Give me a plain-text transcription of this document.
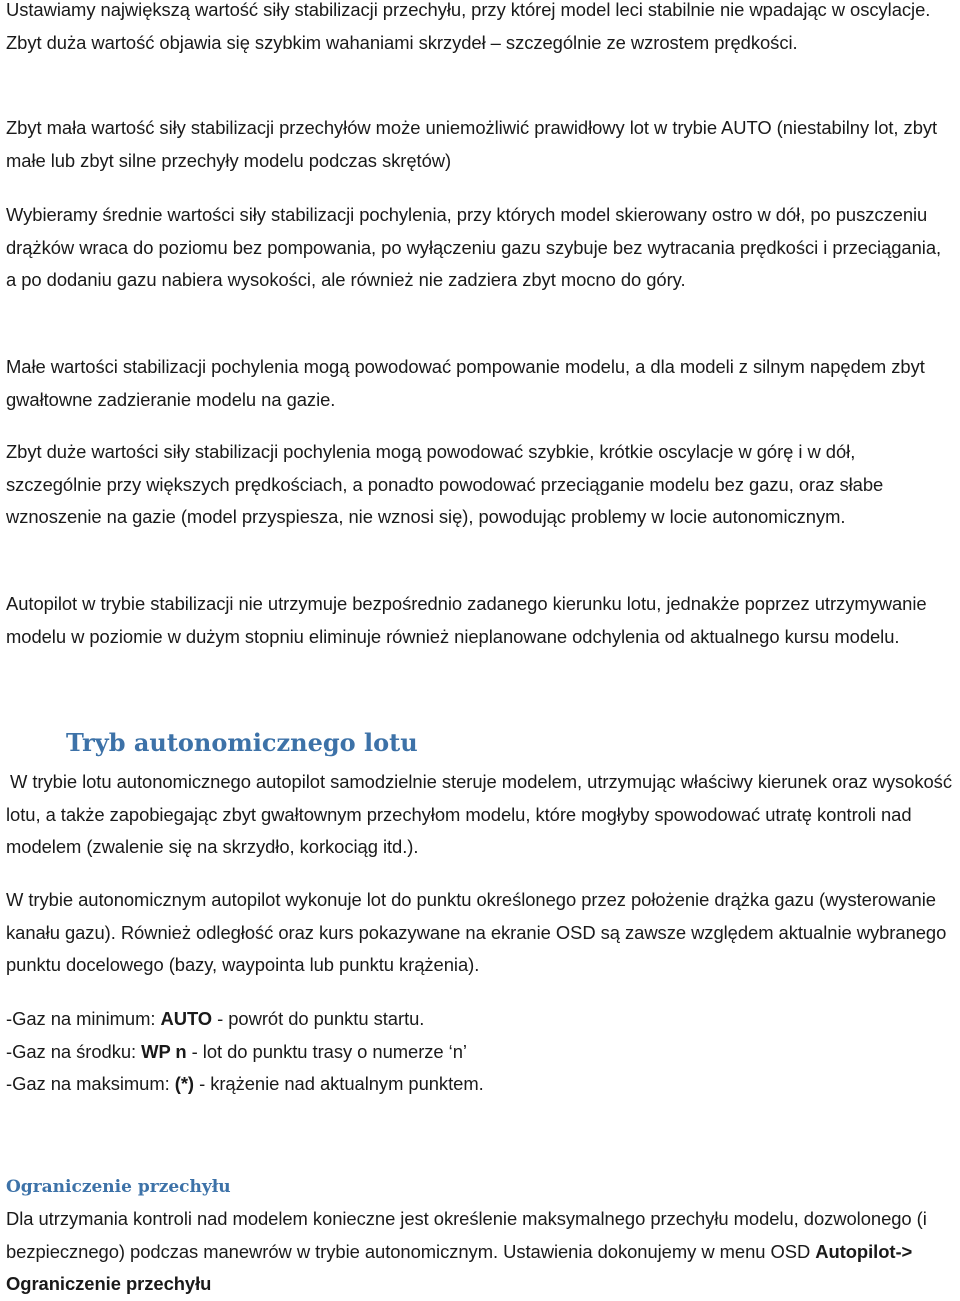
Ustawiamy największą wartość siły stabilizacji przechyłu, przy której model leci stabilnie nie wpadając w oscylacje. Zbyt duża wartość objawia się szybkim wahaniami skrzydeł – szczególnie ze wzrostem prędkości.

Zbyt mała wartość siły stabilizacji przechyłów może uniemożliwić prawidłowy lot w trybie AUTO (niestabilny lot, zbyt małe lub zbyt silne przechyły modelu podczas skrętów)

Wybieramy średnie wartości siły stabilizacji pochylenia, przy których model skierowany ostro w dół, po puszczeniu drążków wraca do poziomu bez pompowania, po wyłączeniu gazu szybuje bez wytracania prędkości i przeciągania, a po dodaniu gazu nabiera wysokości, ale również nie zadziera zbyt mocno do góry.

Małe wartości stabilizacji pochylenia mogą powodować pompowanie modelu, a dla modeli z silnym napędem zbyt gwałtowne zadzieranie modelu na gazie.

Zbyt duże wartości siły stabilizacji pochylenia mogą powodować szybkie, krótkie oscylacje w górę i w dół, szczególnie przy większych prędkościach, a ponadto powodować przeciąganie modelu bez gazu, oraz słabe wznoszenie na gazie (model przyspiesza, nie wznosi się), powodując problemy w locie autonomicznym.

Autopilot w trybie stabilizacji nie utrzymuje bezpośrednio zadanego kierunku lotu, jednakże poprzez utrzymywanie modelu w poziomie w dużym stopniu eliminuje również nieplanowane odchylenia od aktualnego kursu modelu.

Tryb autonomicznego lotu

W trybie lotu autonomicznego autopilot samodzielnie steruje modelem, utrzymując właściwy kierunek oraz wysokość lotu, a także zapobiegając zbyt gwałtownym przechyłom modelu, które mogłyby spowodować utratę kontroli nad modelem (zwalenie się na skrzydło, korkociąg itd.).

W trybie autonomicznym autopilot wykonuje lot do punktu określonego przez położenie drążka gazu (wysterowanie kanału gazu). Również odległość oraz kurs pokazywane na ekranie OSD są zawsze względem aktualnie wybranego punktu docelowego (bazy, waypointa lub punktu krążenia).

-Gaz na minimum: AUTO - powrót do punktu startu.
-Gaz na środku: WP n - lot do punktu trasy o numerze ‘n’
-Gaz na maksimum: (*) - krążenie nad aktualnym punktem.
Ograniczenie przechyłu

Dla utrzymania kontroli nad modelem konieczne jest określenie maksymalnego przechyłu modelu, dozwolonego (i bezpiecznego) podczas manewrów w trybie autonomicznym. Ustawienia dokonujemy w menu OSD Autopilot-> Ograniczenie przechyłu
